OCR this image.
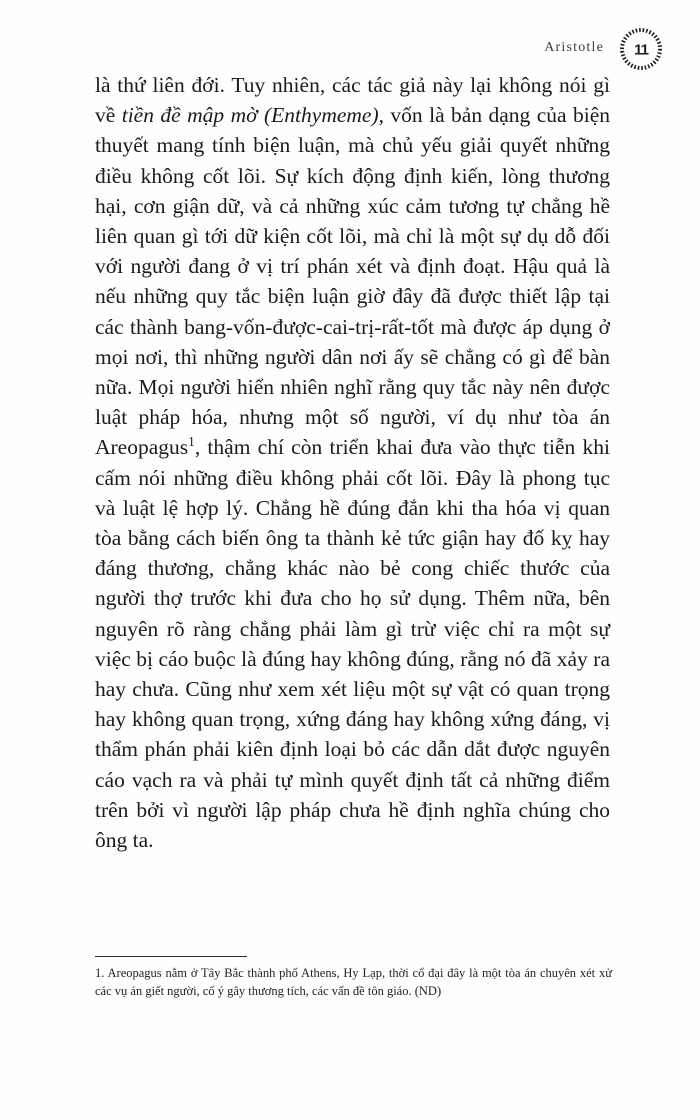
Aristotle 11

là thứ liên đới. Tuy nhiên, các tác giả này lại không nói gì về tiền đề mập mờ (Enthymeme), vốn là bản dạng của biện thuyết mang tính biện luận, mà chủ yếu giải quyết những điều không cốt lõi. Sự kích động định kiến, lòng thương hại, cơn giận dữ, và cả những xúc cảm tương tự chẳng hề liên quan gì tới dữ kiện cốt lõi, mà chỉ là một sự dụ dỗ đối với người đang ở vị trí phán xét và định đoạt. Hậu quả là nếu những quy tắc biện luận giờ đây đã được thiết lập tại các thành bang-vốn-được-cai-trị-rất-tốt mà được áp dụng ở mọi nơi, thì những người dân nơi ấy sẽ chẳng có gì để bàn nữa. Mọi người hiển nhiên nghĩ rằng quy tắc này nên được luật pháp hóa, nhưng một số người, ví dụ như tòa án Areopagus$^1$, thậm chí còn triển khai đưa vào thực tiễn khi cấm nói những điều không phải cốt lõi. Đây là phong tục và luật lệ hợp lý. Chẳng hề đúng đắn khi tha hóa vị quan tòa bằng cách biến ông ta thành kẻ tức giận hay đố kỵ hay đáng thương, chẳng khác nào bẻ cong chiếc thước của người thợ trước khi đưa cho họ sử dụng. Thêm nữa, bên nguyên rõ ràng chẳng phải làm gì trừ việc chỉ ra một sự việc bị cáo buộc là đúng hay không đúng, rằng nó đã xảy ra hay chưa. Cũng như xem xét liệu một sự vật có quan trọng hay không quan trọng, xứng đáng hay không xứng đáng, vị thẩm phán phải kiên định loại bỏ các dẫn dắt được nguyên cáo vạch ra và phải tự mình quyết định tất cả những điểm trên bởi vì người lập pháp chưa hề định nghĩa chúng cho ông ta.

1. Areopagus nằm ở Tây Bắc thành phố Athens, Hy Lạp, thời cổ đại đây là một tòa án chuyên xét xử các vụ án giết người, cố ý gây thương tích, các vấn đề tôn giáo. (ND)
